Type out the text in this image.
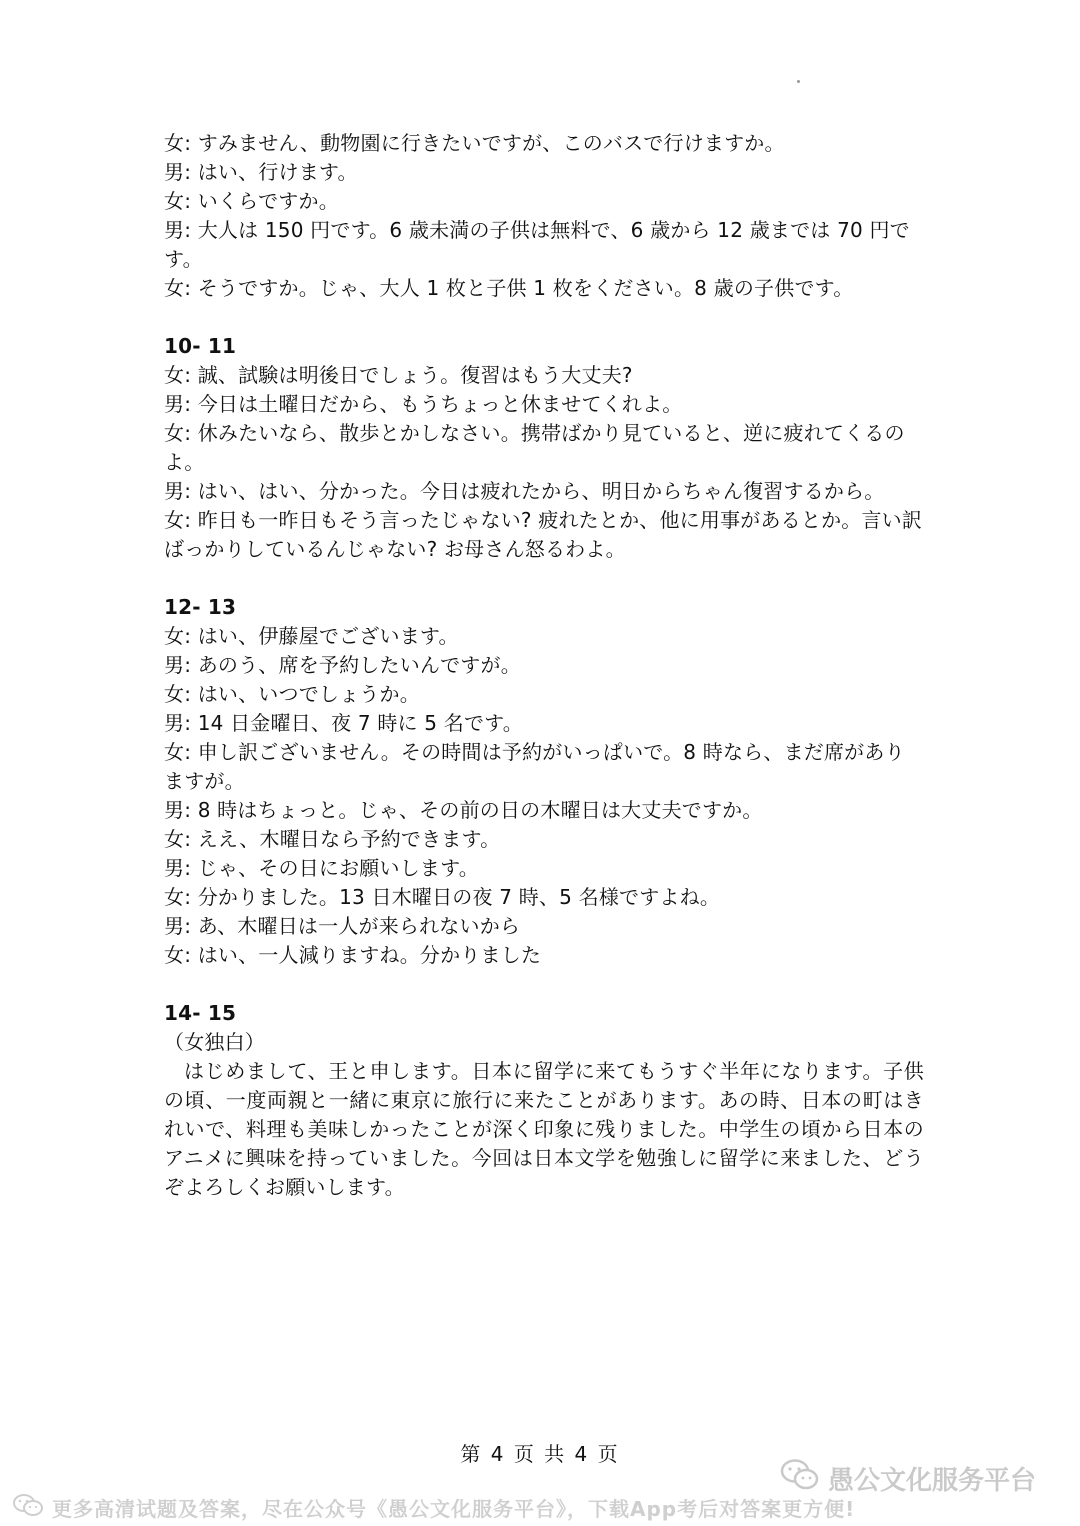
女: すみません、動物園に行きたいですが、このバスで行けますか。

男: はい、行けます。

女: いくらですか。

男: 大人は 150 円です。6 歳未満の子供は無料で、6 歳から 12 歳までは 70 円です。

女: そうですか。じゃ、大人 1 枚と子供 1 枚をください。8 歳の子供です。

10- 11

女: 誠、試験は明後日でしょう。復習はもう大丈夫?

男: 今日は土曜日だから、もうちょっと休ませてくれよ。

女: 休みたいなら、散歩とかしなさい。携帯ばかり見ていると、逆に疲れてくるのよ。

男: はい、はい、分かった。今日は疲れたから、明日からちゃん復習するから。

女: 昨日も一昨日もそう言ったじゃない? 疲れたとか、他に用事があるとか。言い訳ばっかりしているんじゃない? お母さん怒るわよ。

12- 13

女: はい、伊藤屋でございます。

男: あのう、席を予約したいんですが。

女: はい、いつでしょうか。

男: 14 日金曜日、夜 7 時に 5 名です。

女: 申し訳ございません。その時間は予約がいっぱいで。8 時なら、まだ席がありますが。

男: 8 時はちょっと。じゃ、その前の日の木曜日は大丈夫ですか。

女: ええ、木曜日なら予約できます。

男: じゃ、その日にお願いします。

女: 分かりました。13 日木曜日の夜 7 時、5 名様ですよね。

男: あ、木曜日は一人が来られないから

女: はい、一人減りますね。分かりました

14- 15

（女独白）

はじめまして、王と申します。日本に留学に来てもうすぐ半年になります。子供の頃、一度両親と一緒に東京に旅行に来たことがあります。あの時、日本の町はきれいで、料理も美味しかったことが深く印象に残りました。中学生の頃から日本のアニメに興味を持っていました。今回は日本文学を勉強しに留学に来ました、どうぞよろしくお願いします。

第 4 页 共 4 页
愚公文化服务平台
更多高清试题及答案，尽在公众号《愚公文化服务平台》，下载App考后对答案更方便!
